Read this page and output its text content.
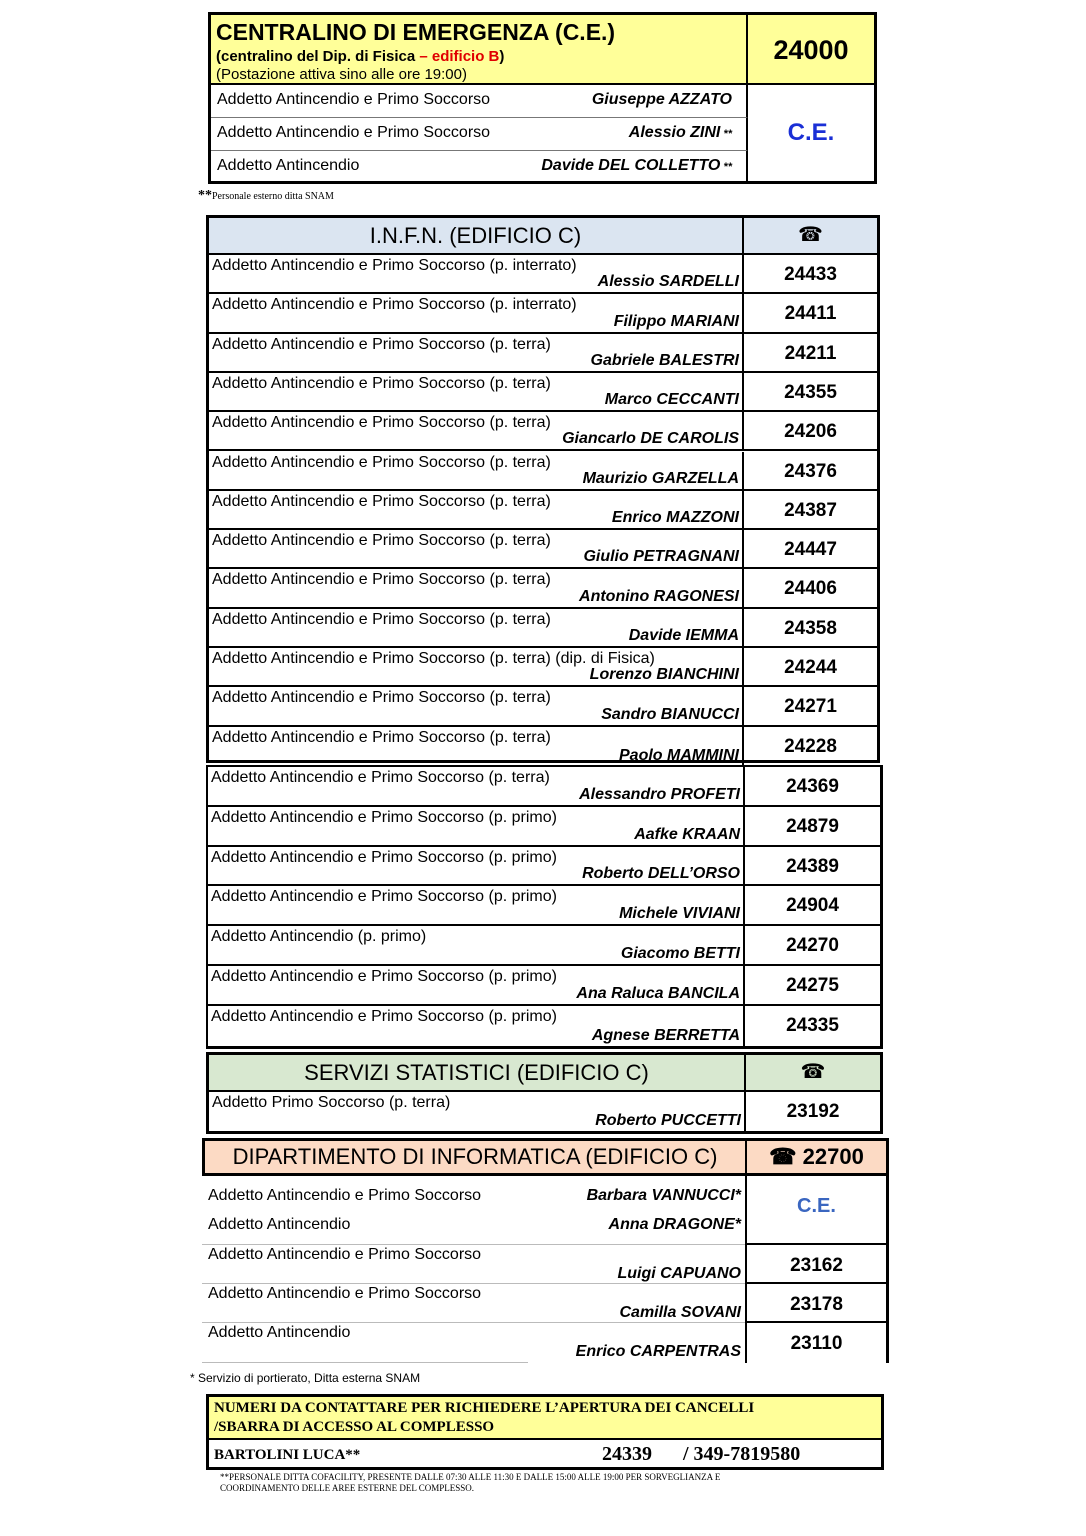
CENTRALINO DI EMERGENZA (C.E.)
(centralino del Dip. di Fisica – edificio B)
(Postazione attiva sino alle ore 19:00)
24000
Addetto Antincendio e Primo Soccorso	Giuseppe AZZATO
Addetto Antincendio e Primo Soccorso	Alessio ZINI **
Addetto Antincendio	Davide DEL COLLETTO **
C.E.
**Personale esterno ditta SNAM
I.N.F.N. (EDIFICIO C)	☎
Addetto Antincendio e Primo Soccorso (p. interrato)
Alessio SARDELLI	24433
Addetto Antincendio e Primo Soccorso (p. interrato)
Filippo MARIANI	24411
Addetto Antincendio e Primo Soccorso (p. terra)
Gabriele BALESTRI	24211
Addetto Antincendio e Primo Soccorso (p. terra)
Marco CECCANTI	24355
Addetto Antincendio e Primo Soccorso (p. terra)
Giancarlo DE CAROLIS	24206
Addetto Antincendio e Primo Soccorso (p. terra)
Maurizio GARZELLA	24376
Addetto Antincendio e Primo Soccorso (p. terra)
Enrico MAZZONI	24387
Addetto Antincendio e Primo Soccorso (p. terra)
Giulio PETRAGNANI	24447
Addetto Antincendio e Primo Soccorso (p. terra)
Antonino RAGONESI	24406
Addetto Antincendio e Primo Soccorso (p. terra)
Davide IEMMA	24358
Addetto Antincendio e Primo Soccorso (p. terra) (dip. di Fisica)
Lorenzo BIANCHINI	24244
Addetto Antincendio e Primo Soccorso (p. terra)
Sandro BIANUCCI	24271
Addetto Antincendio e Primo Soccorso (p. terra)
Paolo MAMMINI	24228
Addetto Antincendio e Primo Soccorso (p. terra)
Alessandro PROFETI	24369
Addetto Antincendio e Primo Soccorso (p. primo)
Aafke KRAAN	24879
Addetto Antincendio e Primo Soccorso (p. primo)
Roberto DELL’ORSO	24389
Addetto Antincendio e Primo Soccorso (p. primo)
Michele VIVIANI	24904
Addetto Antincendio (p. primo)
Giacomo BETTI	24270
Addetto Antincendio e Primo Soccorso (p. primo)
Ana Raluca BANCILA	24275
Addetto Antincendio e Primo Soccorso (p. primo)
Agnese BERRETTA	24335
SERVIZI STATISTICI (EDIFICIO C)	☎
Addetto Primo Soccorso (p. terra)
Roberto PUCCETTI	23192
DIPARTIMENTO DI INFORMATICA (EDIFICIO C)	☎ 22700
Addetto Antincendio e Primo Soccorso	Barbara VANNUCCI*
Addetto Antincendio	Anna DRAGONE*
C.E.
Addetto Antincendio e Primo Soccorso
Luigi CAPUANO	23162
Addetto Antincendio e Primo Soccorso
Camilla SOVANI	23178
Addetto Antincendio
Enrico CARPENTRAS	23110
* Servizio di portierato, Ditta esterna SNAM
NUMERI DA CONTATTARE PER RICHIEDERE L’APERTURA DEI CANCELLI
/SBARRA DI ACCESSO AL COMPLESSO
BARTOLINI LUCA**	24339 / 349-7819580
**PERSONALE DITTA COFACILITY, PRESENTE DALLE 07:30 ALLE 11:30 E DALLE 15:00 ALLE 19:00 PER SORVEGLIANZA E
COORDINAMENTO DELLE AREE ESTERNE DEL COMPLESSO.
